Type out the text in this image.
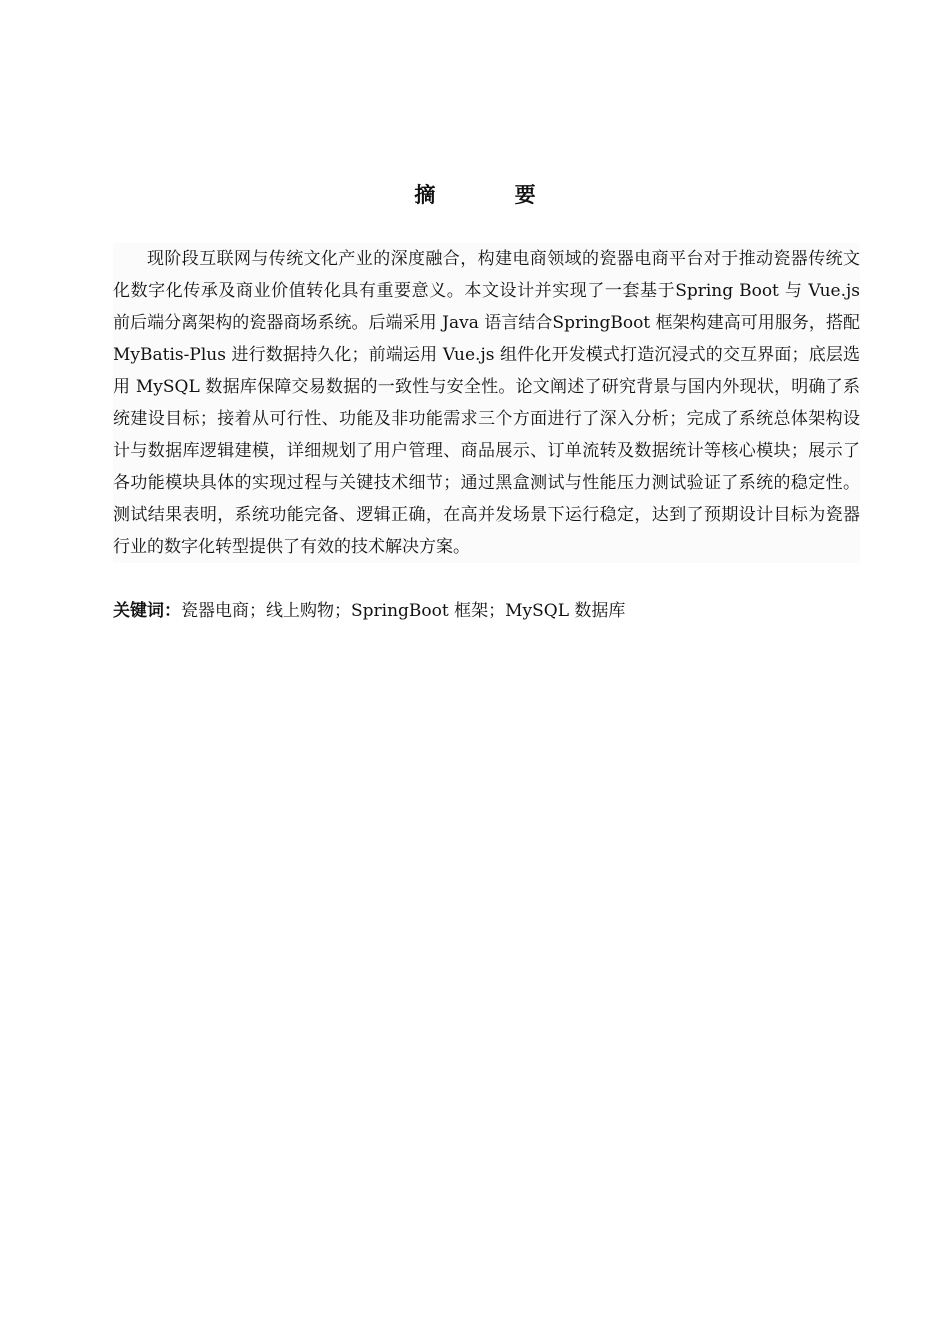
摘 要

现阶段互联网与传统文化产业的深度融合，构建电商领域的瓷器电商平台对于推动瓷器传统文化数字化传承及商业价值转化具有重要意义。本文设计并实现了一套基于Spring Boot 与 Vue.js 前后端分离架构的瓷器商场系统。后端采用 Java 语言结合SpringBoot 框架构建高可用服务，搭配 MyBatis-Plus 进行数据持久化；前端运用 Vue.js 组件化开发模式打造沉浸式的交互界面；底层选用 MySQL 数据库保障交易数据的一致性与安全性。论文阐述了研究背景与国内外现状，明确了系统建设目标；接着从可行性、功能及非功能需求三个方面进行了深入分析；完成了系统总体架构设计与数据库逻辑建模，详细规划了用户管理、商品展示、订单流转及数据统计等核心模块；展示了各功能模块具体的实现过程与关键技术细节；通过黑盒测试与性能压力测试验证了系统的稳定性。测试结果表明，系统功能完备、逻辑正确，在高并发场景下运行稳定，达到了预期设计目标为瓷器行业的数字化转型提供了有效的技术解决方案。

关键词：瓷器电商；线上购物；SpringBoot 框架；MySQL 数据库
